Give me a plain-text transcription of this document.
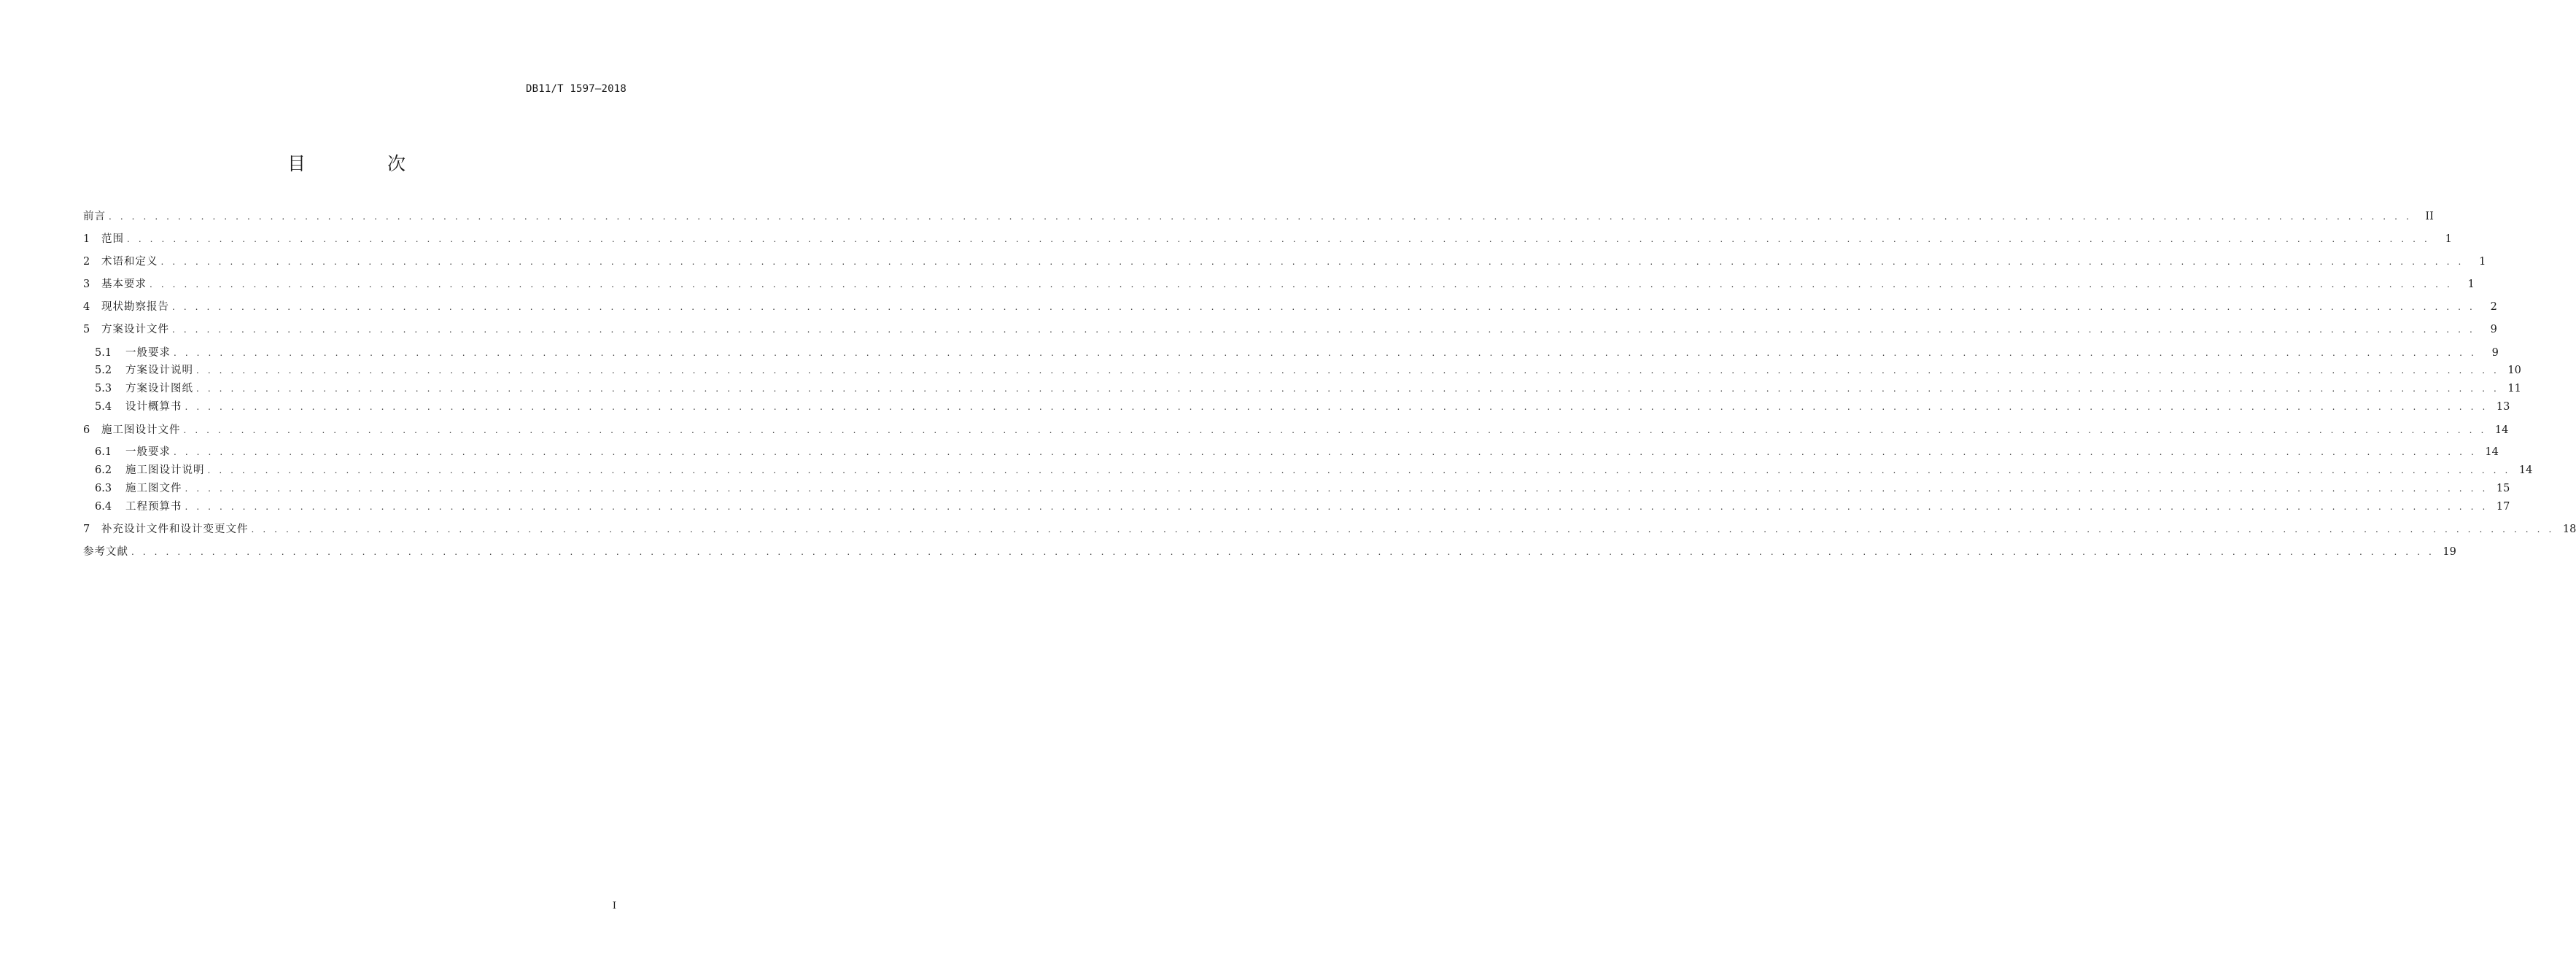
DB11/T 1597—2018
目 次
前言 . . . . . . . . . . . . . . . . . . . . . . . . . . . . . . . . . . . . . . . . . . . . . . . . . . . . . . . . . . . . . . . . . . . . . . . . . . . . . . . . . . . . . . . . . . . . . . . . . . . . . . . . . . . . . . . . . . . . . . . . . . . . . . . . . . . . . . . . . . . . . . . . . . . . . . . . . . . . . . . . . . . . . . . . . . . . . . . . . . . . . . . . . . . . . . . . . . . . . . . .	II
1	范围 . . . . . . . . . . . . . . . . . . . . . . . . . . . . . . . . . . . . . . . . . . . . . . . . . . . . . . . . . . . . . . . . . . . . . . . . . . . . . . . . . . . . . . . . . . . . . . . . . . . . . . . . . . . . . . . . . . . . . . . . . . . . . . . . . . . . . . . . . . . . . . . . . . . . . . . . . . . . . . . . . . . . . . . . . . . . . . . . . . . . . . . . . . . . . . . . . . . . . . . .	1
2	术语和定义 . . . . . . . . . . . . . . . . . . . . . . . . . . . . . . . . . . . . . . . . . . . . . . . . . . . . . . . . . . . . . . . . . . . . . . . . . . . . . . . . . . . . . . . . . . . . . . . . . . . . . . . . . . . . . . . . . . . . . . . . . . . . . . . . . . . . . . . . . . . . . . . . . . . . . . . . . . . . . . . . . . . . . . . . . . . . . . . . . . . . . . . . . . . . . . . . . . . . . . . .	1
3	基本要求 . . . . . . . . . . . . . . . . . . . . . . . . . . . . . . . . . . . . . . . . . . . . . . . . . . . . . . . . . . . . . . . . . . . . . . . . . . . . . . . . . . . . . . . . . . . . . . . . . . . . . . . . . . . . . . . . . . . . . . . . . . . . . . . . . . . . . . . . . . . . . . . . . . . . . . . . . . . . . . . . . . . . . . . . . . . . . . . . . . . . . . . . . . . . . . . . . . . . . . . .	1
4	现状勘察报告 . . . . . . . . . . . . . . . . . . . . . . . . . . . . . . . . . . . . . . . . . . . . . . . . . . . . . . . . . . . . . . . . . . . . . . . . . . . . . . . . . . . . . . . . . . . . . . . . . . . . . . . . . . . . . . . . . . . . . . . . . . . . . . . . . . . . . . . . . . . . . . . . . . . . . . . . . . . . . . . . . . . . . . . . . . . . . . . . . . . . . . . . . . . . . . . . . . . . . . . .	2
5	方案设计文件 . . . . . . . . . . . . . . . . . . . . . . . . . . . . . . . . . . . . . . . . . . . . . . . . . . . . . . . . . . . . . . . . . . . . . . . . . . . . . . . . . . . . . . . . . . . . . . . . . . . . . . . . . . . . . . . . . . . . . . . . . . . . . . . . . . . . . . . . . . . . . . . . . . . . . . . . . . . . . . . . . . . . . . . . . . . . . . . . . . . . . . . . . . . . . . . . . . . . . . . .	9
5.1	一般要求 . . . . . . . . . . . . . . . . . . . . . . . . . . . . . . . . . . . . . . . . . . . . . . . . . . . . . . . . . . . . . . . . . . . . . . . . . . . . . . . . . . . . . . . . . . . . . . . . . . . . . . . . . . . . . . . . . . . . . . . . . . . . . . . . . . . . . . . . . . . . . . . . . . . . . . . . . . . . . . . . . . . . . . . . . . . . . . . . . . . . . . . . . . . . . . . . . . . . . . . .	9
5.2	方案设计说明 . . . . . . . . . . . . . . . . . . . . . . . . . . . . . . . . . . . . . . . . . . . . . . . . . . . . . . . . . . . . . . . . . . . . . . . . . . . . . . . . . . . . . . . . . . . . . . . . . . . . . . . . . . . . . . . . . . . . . . . . . . . . . . . . . . . . . . . . . . . . . . . . . . . . . . . . . . . . . . . . . . . . . . . . . . . . . . . . . . . . . . . . . . . . . . . . . . . . . . . . 10
5.3	方案设计图纸 . . . . . . . . . . . . . . . . . . . . . . . . . . . . . . . . . . . . . . . . . . . . . . . . . . . . . . . . . . . . . . . . . . . . . . . . . . . . . . . . . . . . . . . . . . . . . . . . . . . . . . . . . . . . . . . . . . . . . . . . . . . . . . . . . . . . . . . . . . . . . . . . . . . . . . . . . . . . . . . . . . . . . . . . . . . . . . . . . . . . . . . . . . . . . . . . . . . . . . . . 11
5.4	设计概算书 . . . . . . . . . . . . . . . . . . . . . . . . . . . . . . . . . . . . . . . . . . . . . . . . . . . . . . . . . . . . . . . . . . . . . . . . . . . . . . . . . . . . . . . . . . . . . . . . . . . . . . . . . . . . . . . . . . . . . . . . . . . . . . . . . . . . . . . . . . . . . . . . . . . . . . . . . . . . . . . . . . . . . . . . . . . . . . . . . . . . . . . . . . . . . . . . . . . . . . . . 13
6	施工图设计文件 . . . . . . . . . . . . . . . . . . . . . . . . . . . . . . . . . . . . . . . . . . . . . . . . . . . . . . . . . . . . . . . . . . . . . . . . . . . . . . . . . . . . . . . . . . . . . . . . . . . . . . . . . . . . . . . . . . . . . . . . . . . . . . . . . . . . . . . . . . . . . . . . . . . . . . . . . . . . . . . . . . . . . . . . . . . . . . . . . . . . . . . . . . . . . . . . . . . . . . . . 14
6.1	一般要求 . . . . . . . . . . . . . . . . . . . . . . . . . . . . . . . . . . . . . . . . . . . . . . . . . . . . . . . . . . . . . . . . . . . . . . . . . . . . . . . . . . . . . . . . . . . . . . . . . . . . . . . . . . . . . . . . . . . . . . . . . . . . . . . . . . . . . . . . . . . . . . . . . . . . . . . . . . . . . . . . . . . . . . . . . . . . . . . . . . . . . . . . . . . . . . . . . . . . . . . . 14
6.2	施工图设计说明 . . . . . . . . . . . . . . . . . . . . . . . . . . . . . . . . . . . . . . . . . . . . . . . . . . . . . . . . . . . . . . . . . . . . . . . . . . . . . . . . . . . . . . . . . . . . . . . . . . . . . . . . . . . . . . . . . . . . . . . . . . . . . . . . . . . . . . . . . . . . . . . . . . . . . . . . . . . . . . . . . . . . . . . . . . . . . . . . . . . . . . . . . . . . . . . . . . . . . . . . 14
6.3	施工图文件 . . . . . . . . . . . . . . . . . . . . . . . . . . . . . . . . . . . . . . . . . . . . . . . . . . . . . . . . . . . . . . . . . . . . . . . . . . . . . . . . . . . . . . . . . . . . . . . . . . . . . . . . . . . . . . . . . . . . . . . . . . . . . . . . . . . . . . . . . . . . . . . . . . . . . . . . . . . . . . . . . . . . . . . . . . . . . . . . . . . . . . . . . . . . . . . . . . . . . . . . 15
6.4	工程预算书 . . . . . . . . . . . . . . . . . . . . . . . . . . . . . . . . . . . . . . . . . . . . . . . . . . . . . . . . . . . . . . . . . . . . . . . . . . . . . . . . . . . . . . . . . . . . . . . . . . . . . . . . . . . . . . . . . . . . . . . . . . . . . . . . . . . . . . . . . . . . . . . . . . . . . . . . . . . . . . . . . . . . . . . . . . . . . . . . . . . . . . . . . . . . . . . . . . . . . . . . 17
7	补充设计文件和设计变更文件 . . . . . . . . . . . . . . . . . . . . . . . . . . . . . . . . . . . . . . . . . . . . . . . . . . . . . . . . . . . . . . . . . . . . . . . . . . . . . . . . . . . . . . . . . . . . . . . . . . . . . . . . . . . . . . . . . . . . . . . . . . . . . . . . . . . . . . . . . . . . . . . . . . . . . . . . . . . . . . . . . . . . . . . . . . . . . . . . . . . . . . . . . . . . . . . . . . . . . . . . 18
参考文献 . . . . . . . . . . . . . . . . . . . . . . . . . . . . . . . . . . . . . . . . . . . . . . . . . . . . . . . . . . . . . . . . . . . . . . . . . . . . . . . . . . . . . . . . . . . . . . . . . . . . . . . . . . . . . . . . . . . . . . . . . . . . . . . . . . . . . . . . . . . . . . . . . . . . . . . . . . . . . . . . . . . . . . . . . . . . . . . . . . . . . . . . . . . . . . . . . . . . . . . . 19
I
